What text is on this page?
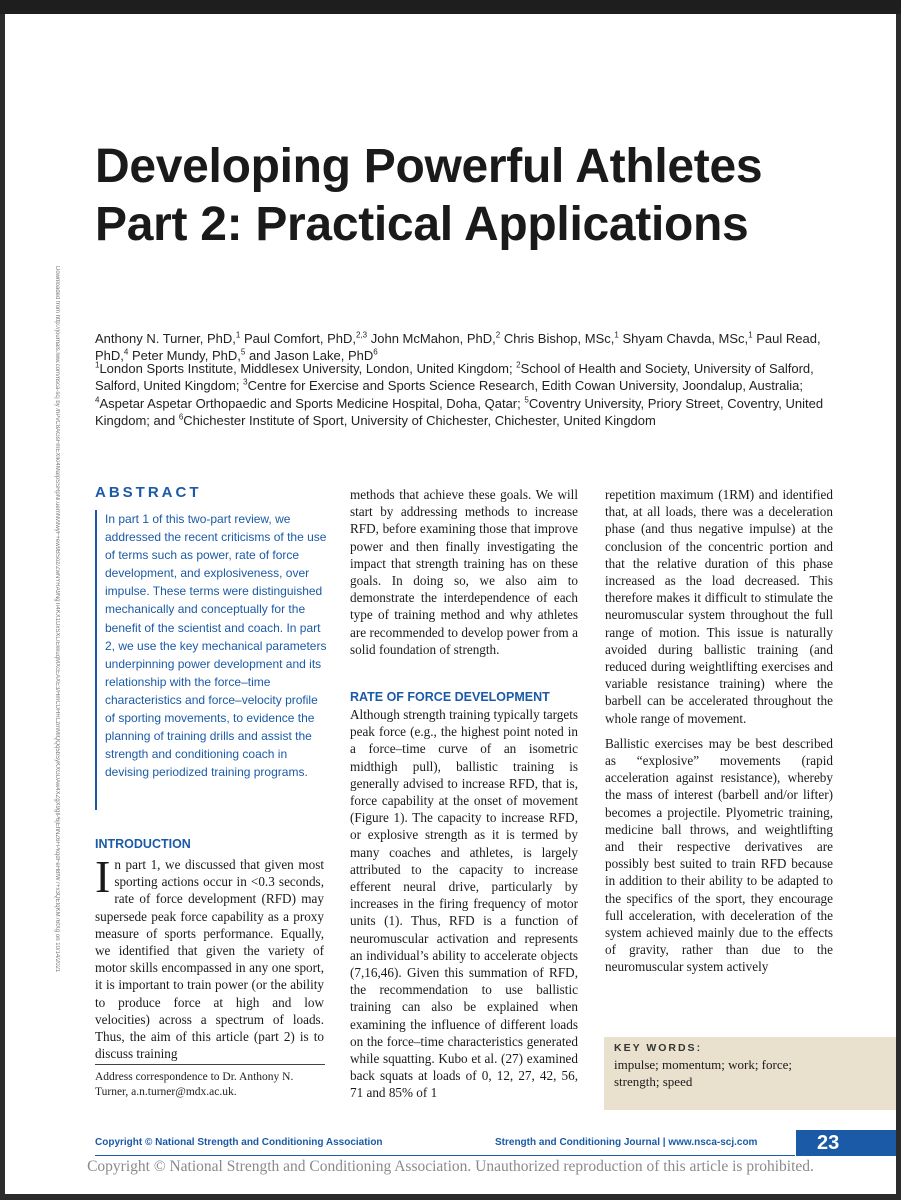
Downloaded from http://journals.lww.com/nsca-scj by /hPvC8AGsFmEXlk/4MaIpSSRpNl.uemNv9wyF+ew9BSoz/ZwNYRA9NgTi4KX1DxSXL/EkkuqMXcEAXE3/HmCDHRLzmMIQQq5bSyKXGDAw4XZgX9gIP6jEhNZ6FPkqdFeH8fW7+x3QEtqKM76tXg on 10/14/2021
Developing Powerful Athletes Part 2: Practical Applications
Anthony N. Turner, PhD,$^1$ Paul Comfort, PhD,$^{2,3}$ John McMahon, PhD,$^2$ Chris Bishop, MSc,$^1$ Shyam Chavda, MSc,$^1$ Paul Read, PhD,$^4$ Peter Mundy, PhD,$^5$ and Jason Lake, PhD$^6$
$^1$London Sports Institute, Middlesex University, London, United Kingdom; $^2$School of Health and Society, University of Salford, Salford, United Kingdom; $^3$Centre for Exercise and Sports Science Research, Edith Cowan University, Joondalup, Australia; $^4$Aspetar Aspetar Orthopaedic and Sports Medicine Hospital, Doha, Qatar; $^5$Coventry University, Priory Street, Coventry, United Kingdom; and $^6$Chichester Institute of Sport, University of Chichester, Chichester, United Kingdom
ABSTRACT
In part 1 of this two-part review, we addressed the recent criticisms of the use of terms such as power, rate of force development, and explosiveness, over impulse. These terms were distinguished mechanically and conceptually for the benefit of the scientist and coach. In part 2, we use the key mechanical parameters underpinning power development and its relationship with the force–time characteristics and force–velocity profile of sporting movements, to evidence the planning of training drills and assist the strength and conditioning coach in devising periodized training programs.
INTRODUCTION

In part 1, we discussed that given most sporting actions occur in <0.3 seconds, rate of force development (RFD) may supersede peak force capability as a proxy measure of sports performance. Equally, we identified that given the variety of motor skills encompassed in any one sport, it is important to train power (or the ability to produce force at high and low velocities) across a spectrum of loads. Thus, the aim of this article (part 2) is to discuss training

Address correspondence to Dr. Anthony N. Turner, a.n.turner@mdx.ac.uk.

methods that achieve these goals. We will start by addressing methods to increase RFD, before examining those that improve power and then finally investigating the impact that strength training has on these goals. In doing so, we also aim to demonstrate the interdependence of each type of training method and why athletes are recommended to develop power from a solid foundation of strength.

RATE OF FORCE DEVELOPMENT

Although strength training typically targets peak force (e.g., the highest point noted in a force–time curve of an isometric midthigh pull), ballistic training is generally advised to increase RFD, that is, force capability at the onset of movement (Figure 1). The capacity to increase RFD, or explosive strength as it is termed by many coaches and athletes, is largely attributed to the capacity to increase efferent neural drive, particularly by increases in the firing frequency of motor units (1). Thus, RFD is a function of neuromuscular activation and represents an individual’s ability to accelerate objects (7,16,46). Given this summation of RFD, the recommendation to use ballistic training can also be explained when examining the influence of different loads on the force–time characteristics generated while squatting. Kubo et al. (27) examined back squats at loads of 0, 12, 27, 42, 56, 71 and 85% of 1

repetition maximum (1RM) and identified that, at all loads, there was a deceleration phase (and thus negative impulse) at the conclusion of the concentric portion and that the relative duration of this phase increased as the load decreased. This therefore makes it difficult to stimulate the neuromuscular system throughout the full range of motion. This issue is naturally avoided during ballistic training (and reduced during weightlifting exercises and variable resistance training) where the barbell can be accelerated throughout the whole range of movement.

Ballistic exercises may be best described as “explosive” movements (rapid acceleration against resistance), whereby the mass of interest (barbell and/or lifter) becomes a projectile. Plyometric training, medicine ball throws, and weightlifting and their respective derivatives are possibly best suited to train RFD because in addition to their ability to be adapted to the specifics of the sport, they encourage full acceleration, with deceleration of the system achieved mainly due to the effects of gravity, rather than due to the neuromuscular system actively

KEY WORDS:
impulse; momentum; work; force; strength; speed
Copyright © National Strength and Conditioning Association	Strength and Conditioning Journal | www.nsca-scj.com	23
Copyright © National Strength and Conditioning Association. Unauthorized reproduction of this article is prohibited.
